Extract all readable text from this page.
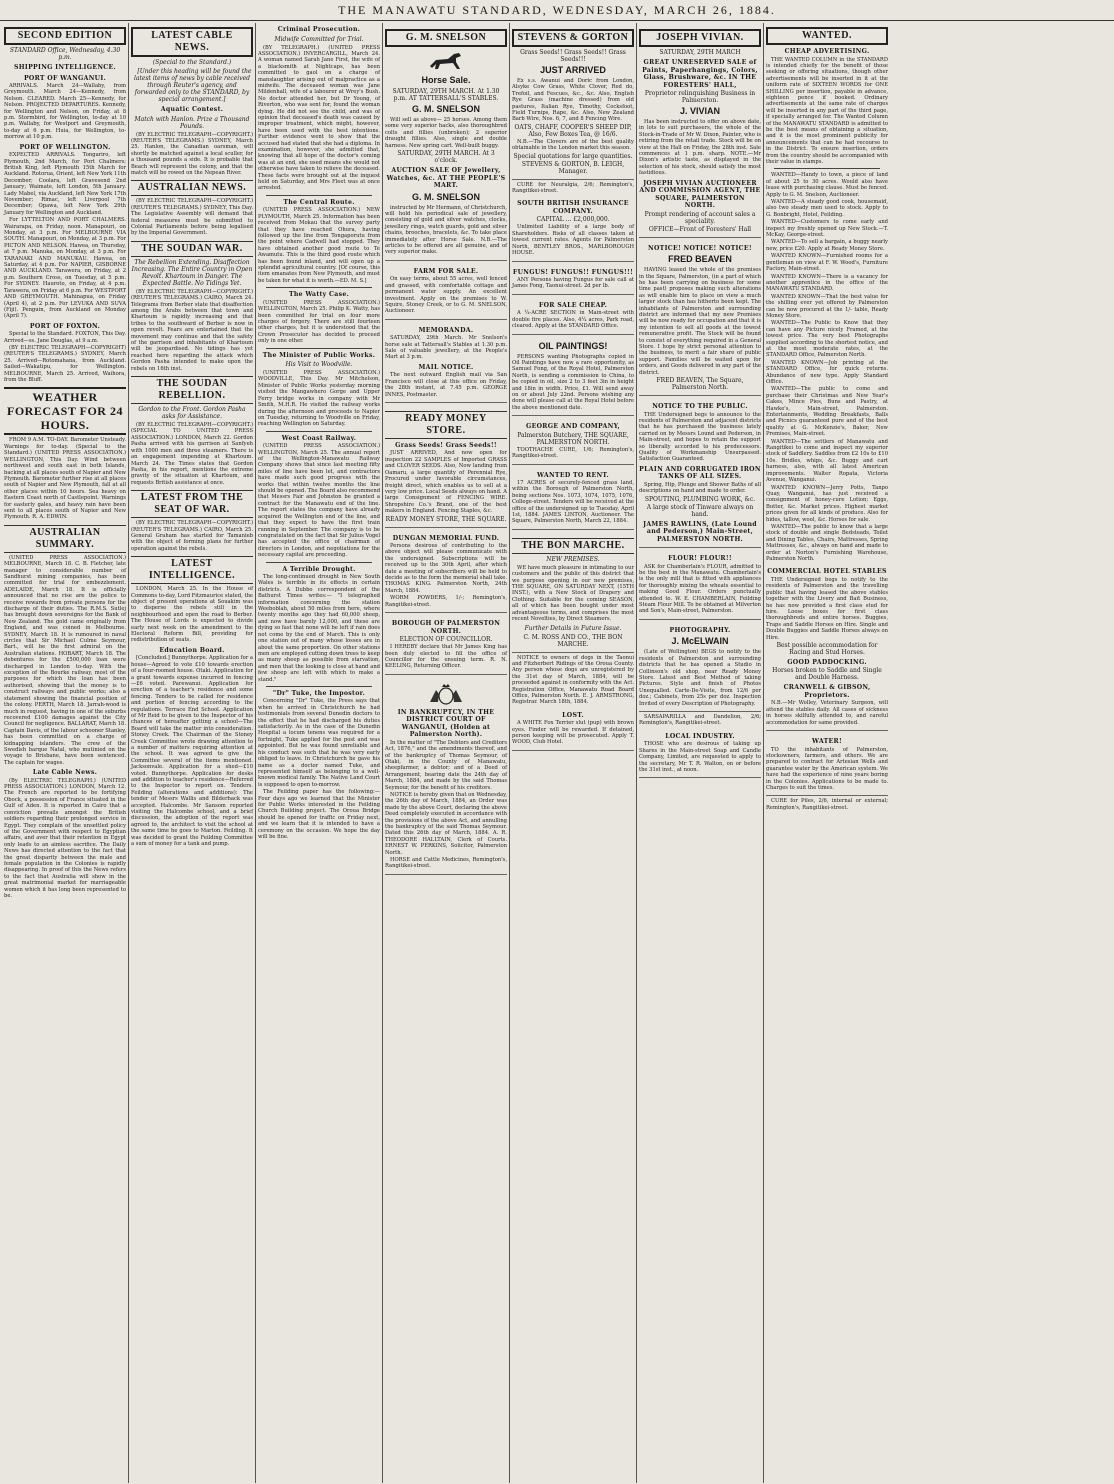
THE MANAWATU STANDARD, WEDNESDAY, MARCH 26, 1884.
SECOND EDITION
STANDARD Office, Wednesday, 4.30 p.m.
SHIPPING INTELLIGENCE.
PORT OF WANGANUI.

ARRIVALS. March 24—Wallaby, from Greymouth. March 24—Kennedy, from Nelson. CLEARED. March 25—Kennedy, for Nelson. PROJECTED DEPARTURES. Kennedy, for Wellington and Nelson, on Friday, at 8 p.m. Stormbird, for Wellington, to-day at 10 p.m. Wallaby, for Westport and Greymouth, to-day at 6 p.m. Huia, for Wellington, to-morrow at 10 p.m.

PORT OF WELLINGTON.

EXPECTED ARRIVALS. Tongariro, left Plymouth, 2nd March, for Port Chalmers; British King, left Plymouth 15th March for Auckland. Rotorua, Orient, left New York 11th December; Coolara, left Gravesend 2nd January; Waimate, left London, 5th January. Lady Mabel, via Auckland, left New York 17th November; Rimac, left Liverpool 7th December; Opawa, left New York 29th January for Wellington and Auckland.

For LYTTELTON AND PORT CHALMERS. Wairarapa, on Friday, noon. Manapouri, on Monday, at 3 p.m. For MELBOURNE VIA SOUTH. Manapouri, on Monday, at 3 p.m. For PICTON AND NELSON. Hawea, on Thursday, at 7 p.m. Manuka, on Monday, at 3 p.m. For TARANAKI AND MANUKAU. Hawea, on Saturday, at 4 p.m. For NAPIER, GISBORNE AND AUCKLAND. Tarawera, on Friday, at 2 p.m. Southern Cross, on Tuesday, at 5 p.m. For SYDNEY. Hauroto, on Friday, at 4 p.m. Tarawera, on Friday at 6 p.m. For WESTPORT AND GREYMOUTH. Mahinapua, on Friday (April 4), at 2 p.m. For LEVUKA AND SUVA (Fiji). Penguin, from Auckland on Monday (April 7).

PORT OF FOXTON.

Special to the Standard. FOXTON, This Day. Arrived—ss. Jane Douglas, at 9 a.m.

(BY ELECTRIC TELEGRAPH—COPYRIGHT) (REUTER'S TELEGRAMS.) SYDNEY, March 25. Arrived—Rotomahana, from Auckland. Sailed—Wakatipu, for Wellington. MELBOURNE, March 25. Arrived, Waihora, from the Bluff.

WEATHER FORECAST FOR 24 HOURS.

FROM 9 A.M. TO-DAY. Barometer Unsteady. Warnings for to-day. (Special to the Standard.) (UNITED PRESS ASSOCIATION.) WELLINGTON, This Day. Wind between northwest and south east in both Islands, backing at all places south of Napier and New Plymouth. Barometer further rise at all places south of Napier and New Plymouth, fall at all other places within 10 hours. Sea heavy on Eastern Coast north of Castlepoint. Warnings for easterly gales, and heavy rain have been sent to all places south of Napier and New Plymouth. R. A. EDWIN.

AUSTRALIAN SUMMARY.

(UNITED PRESS ASSOCIATION.) MELBOURNE, March 18. C. B. Fletcher, late manager to considerable number of Sandhurst mining companies, has been committed for trial for embezzlement. ADELAIDE, March 18. It is officially announced that no rise are the police to receive rewards from private persons for the discharge of their duties. The R.M.S. Sutlej has brought down sovereigns for the Bank of New Zealand. The gold came originally from England, and was coined in Melbourne. SYDNEY, March 18. It is rumoured in naval circles that Sir Michael Culme Seymour, Bart., will be the first admiral on the Australian stations. HOBART, March 18. The debentures for the £500,000 loan were discharged in London to-day. With the exception of the Bourke railway, most of the purposes for which the loan has been authorised, showing that the money is to construct railways and public works; also a statement showing the financial position of the colony. PERTH, March 18. Jarrah-wood is much in request, having in one of the suburbs recovered £100 damages against the City Council for negligence. BALLARAT, March 18. Captain Davis, of the labour schooner Stanley, has been committed on a charge of kidnapping islanders. The crew of the Swedish barque Natal, who mutinied on the voyage to Brisbane, have been sentenced. The captain for wages.

Late Cable News.

(By ELECTRIC TELEGRAPH.) (UNITED PRESS ASSOCIATION.) LONDON, March 12. The French are reported to be fortifying Obock, a possession of France situated in the Gulf of Aden. It is reported in Cairo that a conviction prevails amongst the British soldiers regarding their prolonged service in Egypt. They complain of the unsettled policy of the Government with respect to Egyptian affairs, and aver that their retention in Egypt only leads to an aimless sacrifice. The Daily News has directed attention to the fact that the great disparity between the male and female population in the Colonies is rapidly disappearing. In proof of this the News refers to the fact that Australia will show in the great matrimonial market for marriageable women which it has long been represented to be.

LATEST CABLE NEWS.
(Special to the Standard.)

[Under this heading will be found the latest items of news by cable received through Reuter's agency, and forwarded only to the STANDARD, by special arrangement.]

Aquatic Contest.
Match with Hanlon. Prize a Thousand Pounds.

(BY ELECTRIC TELEGRAPH—COPYRIGHT.) (REUTER'S TELEGRAMS.) SYDNEY, March 25. Hanlon, the Canadian oarsman, will shortly be matched against a local sculler, for a thousand pounds a side. It is probable that Beach will represent the colony, and that the match will be rowed on the Nepean River.

AUSTRALIAN NEWS.

(BY ELECTRIC TELEGRAPH—COPYRIGHT.) (REUTER'S TELEGRAMS.) SYDNEY, This Day. The Legislative Assembly will demand that federal measures must be submitted to Colonial Parliaments before being legalised by the Imperial Government.

THE SOUDAN WAR.
The Rebellion Extending. Disaffection Increasing. The Entire Country in Open Revolt. Khartoum in Danger. The Expected Battle. No Tidings Yet.

(BY ELECTRIC TELEGRAPH—COPYRIGHT.) (REUTER'S TELEGRAMS.) CAIRO, March 24. Telegrams from Berber state that disaffection among the Arabs between that town and Khartoum is rapidly increasing and that tribes to the southward of Berber is now in open revolt. Fears are entertained that the movement may continue and that the safety of the garrison and inhabitants of Khartoum will be jeopardised. No tidings has yet reached here regarding the attack which Gordon Pasha intended to make upon the rebels on 16th inst.

THE SOUDAN REBELLION.
Gordon to the Front. Gordon Pasha asks for Assistance.

(BY ELECTRIC TELEGRAPH—COPYRIGHT.) (SPECIAL TO UNITED PRESS ASSOCIATION.) LONDON, March 22. Gordon Pasha arrived with his garrison at Sanfyeh with 1000 men and three steamers. There is an engagement impending at Khartoum. March 24. The Times states that Gordon Pasha, in his report, mentions the extreme gravity of the situation at Khartoum, and requests British assistance at once.

LATEST FROM THE SEAT OF WAR.

(BY ELECTRIC TELEGRAPH—COPYRIGHT.) (REUTER'S TELEGRAMS.) CAIRO, March 25. General Graham has started for Tamanieb with the object of forming plans for further operation against the rebels.

LATEST INTELLIGENCE.

LONDON, March 25. In the House of Commons to-day, Lord Fitzmaurice stated, the object of present operations at Souakim was to disperse the rebels still in the neighbourhood and open the road to Berber. The House of Lords is expected to divide early next week on the amendment to the Electoral Reform Bill, providing for redistribution of seats.

Education Board.

[Concluded.] Bunnythorpe. Application for a house—Agreed to vote £10 towards erection of a four-roomed house. Otaki. Application for a grant towards expense incurred in fencing—£6 voted. Parewanui. Application for erection of a teacher's residence and some fencing. Tenders to be called for residence and portion of fencing according to the regulations. Terrace End School. Application of Mr Reid to be given to the Inspector of his chances of hereafter getting a school—The Board will take the matter into consideration. Stoney Creek. The Chairman of the Stoney Creek Committee wrote drawing attention to a number of matters requiring attention at the school. It was agreed to give the Committee several of the items mentioned. Jacksonvale. Application for a shed—£10 voted. Bunnythorpe. Application for desks and addition to teacher's residence—Referred to the Inspector to report on. Tenders. Feilding (alterations and additions): The tender of Messrs Wallis and Bilderback was accepted. Halcombe. Mr Sansom reported visiting the Halcombe school, and a brief discussion, the adoption of the report was agreed to, the architect to visit the school at the same time he goes to Marton. Feilding. It was decided to grant the Feilding Committee a sum of money for a tank and pump.

Criminal Prosecution.
Midwife Committed for Trial.

(BY TELEGRAPH.) (UNITED PRESS ASSOCIATION.) INVERCARGILL, March 24. A woman named Sarah Jane First, the wife of a blacksmith at Nightcaps, has been committed to gaol on a charge of manslaughter arising out of malpractice as a midwife. The deceased woman was Jane Mildenhall, wife of a labourer at Wrey's Bush. No doctor attended her, but Dr Young, of Riverton, who was sent for, found the woman dying. He did not see the child, and was of opinion that deceased's death was caused by improper treatment, which might, however, have been used with the best intentions. Further evidence went to show that the accused had stated that she had a diploma. In examination, however, she admitted that, knowing that all hope of the doctor's coming was at an end, she used means she would not otherwise have taken to relieve the deceased. These facts were brought out at the inquest held on Saturday, and Mrs Fleet was at once arrested.

The Central Route.

(UNITED PRESS ASSOCIATION.) NEW PLYMOUTH, March 25. Information has been received from Mokau that the survey party that they have reached Ohura, having followed up the line from Tongaporutu from the point where Cadwell had stopped. They have obtained another good route to Te Awamutu. This is the third good route which has been found inland, and will open up a splendid agricultural country. [Of course, this item emanates from New Plymouth, and must be taken for what it is worth.—ED. M. S.]

The Watty Case.

(UNITED PRESS ASSOCIATION.) WELLINGTON, March 25. Philip K. Watty, has been committed for trial on four more charges of forgery. There are still fourteen other charges, but it is understood that the Crown Prosecutor has decided to proceed only in one other.

The Minister of Public Works.
His Visit to Woodville.

(UNITED PRESS ASSOCIATION.) WOODVILLE, This Day. Mr Mitchelson, Minister of Public Works yesterday morning visited the Mangawhero Gorge and Upper Ferry bridge works in company with Mr Smith, M.H.R. He visited the railway works during the afternoon and proceeds to Napier on Tuesday, returning to Woodville on Friday, reaching Wellington on Saturday.

West Coast Railway.

(UNITED PRESS ASSOCIATION.) WELLINGTON, March 25. The annual report of the Wellington-Manawatu Railway Company shows that since last meeting fifty miles of line have been let, and contractors have made such good progress with the works that within twelve months the line should be opened. The Board also recommend that Messrs Fair and Johnston be granted a contract for the Manawatu end of the line. The report states the company have already acquired the Wellington end of the line, and that they expect to have the first train running in September. The company is to be congratulated on the fact that Sir Julius Vogel has accepted the office of chairman of directors in London, and negotiations for the necessary capital are proceeding.

A Terrible Drought.

The long-continued drought in New South Wales is terrible in its effects in certain districts. A Dubbo correspondent of the Bathurst Times writes:— "I telegraphed information concerning the station Weeboblah, about 50 miles from here, where twenty months ago they had 60,000 sheep, and now have barely 12,000, and these are dying so fast that none will be left if rain does not come by the end of March. This is only one station out of many whose losses are in about the same proportion. On other stations men are employed cutting down trees to keep as many sheep as possible from starvation, and men that the looking is close at hand and few sheep are left with which to make a stand."

"Dr" Tuke, the Impostor.

Concerning "Dr" Tuke, the Press says that when he arrived in Christchurch he had testimonials from several Dunedin doctors to the effect that he had discharged his duties satisfactorily. As in the case of the Dunedin Hospital a locum tenens was required for a fortnight, Tuke applied for the post and was appointed. But he was found unreliable and his conduct was such that he was very early obliged to leave. In Christchurch he gave his name as a doctor named Tuke, and represented himself as belonging to a well-known medical family. The Native Land Court is supposed to open to-morrow.

The Feilding paper has the following:— Four days ago we learned that the Minister for Public Works interested in the Feilding Church Building project. The Oroua Bridge should be opened for traffic on Friday next, and we learn that it is intended to have a ceremony on the occasion. We hope the day will be fine.

G. M. SNELSON
Horse Sale.
SATURDAY, 29TH MARCH. At 1.30 p.m. AT TATTERSALL'S STABLES.
G. M. SNELSON

Will sell as above— 25 horses. Among them some very superior hacks, also thoroughbred colts and fillies (unbroken); 2 superior draught fillies. Also, single and double harness. New spring cart. Well-built buggy.

SATURDAY, 29TH MARCH. At 3 o'clock.
AUCTION SALE OF Jewellery, Watches, &c. AT THE PEOPLE'S MART.
G. M. SNELSON

instructed by Mr Hermann, of Christchurch, will hold his periodical sale of jewellery, consisting of gold and silver watches, clocks, jewellery rings, watch guards, gold and silver chains, brooches, bracelets, &c. To take place immediately after Horse Sale. N.B.—The articles to be offered are all genuine, and of very superior make.

FARM FOR SALE.

On easy terms, about 55 acres, well fenced and grassed, with comfortable cottage and permanent water supply. An excellent investment. Apply on the premises to W. Squire, Stoney Creek, or to G. M. SNELSON, Auctioneer.

MEMORANDA.

SATURDAY, 29th March. Mr Snelson's horse sale at Tattersall's Stables at 1.30 p.m. Sale of valuable jewellery, at the People's Mart at 3 p.m.

MAIL NOTICE.

The next outward English mail via San Francisco will close at this office on Friday, the 28th instant, at 7.45 p.m. GEORGE INNES, Postmaster.

READY MONEY STORE.
Grass Seeds! Grass Seeds!!

JUST ARRIVED, And now open for inspection 22 SAMPLES of Imported GRASS and CLOVER SEEDS. Also, Now landing from Oamaru, a large quantity of Perennial Rye, Procured under favorable circumstances, freight direct, which enables us to sell at a very low price. Local Seeds always on hand. A large Consignment of FENCING WIRE. Shropshire Co.'s Brand, one of the best makers in England. Fencing Staples, &c.

READY MONEY STORE, THE SQUARE.
DUNGAN MEMORIAL FUND.

Persons desirous of contributing to the above object will please communicate with the undersigned. Subscriptions will be received up to the 30th April, after which date a meeting of subscribers will be held to decide as to the form the memorial shall take. THOMAS KING. Palmerston North, 24th March, 1884.

WORM POWDERS, 1/-; Remington's, Rangitikei-street.

BOROUGH OF PALMERSTON NORTH.
ELECTION OF COUNCILLOR.

I HEREBY declare that Mr James King has been duly elected to fill the office of Councillor for the ensuing term. R. N. KEELING, Returning Officer.

IN BANKRUPTCY, IN THE DISTRICT COURT OF WANGANUI, (Holden at Palmerston North).

In the matter of "The Debtors and Creditors Act, 1876," and the amendments thereof, and of the bankruptcy of Thomas Seymour, of Otaki, in the County of Manawatu, sheepfarmer, a debtor; and of a Deed of Arrangement, bearing date the 24th day of March, 1884, and made by the said Thomas Seymour, for the benefit of his creditors.

NOTICE is hereby given that on Wednesday, the 26th day of March, 1884, an Order was made by the above Court, declaring the above Deed completely executed in accordance with the provisions of the above Act, and annulling the bankruptcy of the said Thomas Seymour. Dated this 26th day of March, 1884. A. R. THEODORE HALLTAIN, Clerk of Courts. ERNEST W. PERKINS, Solicitor, Palmerston North.

HORSE and Cattle Medicines, Remington's, Rangitikei-street.

STEVENS & GORTON
Grass Seeds!! Grass Seeds!! Grass Seeds!!!
JUST ARRIVED

Ex s.s. Awanui and Doric from London, Alsyke Cow Grass, White Clover, Red do, Trefoil, and Fescues, &c., &c. Also, English Rye Grass (machine dressed) from old pastures, Italian Rye, Timothy, Cocksfoot, Field Turnips, Rape, &c. Also, New Zealand Barb Wire, Nos. 6, 7, and 8 Fencing Wire.

OATS, CHAFF, COOPER'S SHEEP DIP, Also, Few Boxes Tea, @ 16/6.

N.B.—The Clovers are of the best quality obtainable in the London market this season.

Special quotations for large quantities.
STEVENS & GORTON, B. LEIGH, Manager.

CURE for Neuralgia, 2/6; Remington's, Rangitikei-street.

SOUTH BRITISH INSURANCE COMPANY.
CAPITAL ... £2,000,000.

Unlimited Liability of a large body of Shareholders. Risks of all classes taken at lowest current rates. Agents for Palmerston North, BENTLEY BROS., MARLBOROUGH HOUSE.

FUNGUS! FUNGUS!! FUNGUS!!!

ANY Persons having Fungus for sale call at James Fong, Taonui-street. 2d per lb.

FOR SALE CHEAP.

A ¼-ACRE SECTION in Main-street with double fire places. Also, 4¼ acres, Park road, cleared. Apply at the STANDARD Office.

OIL PAINTINGS!

PERSONS wanting Photographs copied in Oil Paintings have now a rare opportunity, as Samuel Fong, of the Royal Hotel, Palmerston North, is sending a commission to China, to be copied in oil, size 2 to 3 feet 3in in height and 18in in width. Price, £1. Will send away on or about July 22nd. Persons wishing any done will please call at the Royal Hotel before the above mentioned date.

GEORGE AND COMPANY,
Palmerston Butchery, THE SQUARE, PALMERSTON NORTH.

TOOTHACHE CURE, 1/6; Remington's, Rangitikei-street.

WANTED TO RENT.

17 ACRES of securely-fenced grass land, within the Borough of Palmerston North, being sections Nos. 1073, 1074, 1075, 1076, College-street. Tenders will be received at the office of the undersigned up to Tuesday, April 1st, 1884. JAMES LINTON, Auctioneer. The Square, Palmerston North, March 22, 1884.

THE BON MARCHE.
NEW PREMISES.

WE have much pleasure in intimating to our customers and the public of this district that we purpose opening in our new premises, THE SQUARE, ON SATURDAY NEXT, (15TH INST.), with a New Stock of Drapery and Clothing. Suitable for the coming SEASON, all of which has been bought under most advantageous terms, and comprises the most recent Novelties, by Direct Steamers.

Further Details in Future Issue.
C. M. ROSS AND CO., THE BON MARCHE.

NOTICE to owners of dogs in the Taonui and Fitzherbert Ridings of the Oroua County. Any person whose dogs are unregistered by the 31st day of March, 1884, will be proceeded against in conformity with the Act. Registration Office, Manawatu Road Board Office, Palmerston North. E. J. ARMSTRONG, Registrar. March 18th, 1884.

LOST.

A WHITE Fox Terrier slut (pup) with brown eyes. Finder will be rewarded. If detained, person keeping will be prosecuted. Apply T. WOOD, Club Hotel.

JOSEPH VIVIAN.
SATURDAY, 29TH MARCH
GREAT UNRESERVED SALE of Paints, Paperhangings, Colors, Glass, Brushware, &c. IN THE FORESTERS' HALL,
Proprietor relinquishing Business in Palmerston.
J. VIVIAN

Has been instructed to offer on above date, in lots to suit purchasers, the whole of the Stock-in-Trade of Mr W. Dixon, Painter, who is retiring from the retail trade. Stock will be on view at the Hall on Friday, the 28th inst. Sale commences at 1 p.m. sharp. NOTE.—Mr Dixon's artistic taste, as displayed in the selection of his stock, should satisfy the most fastidious.

JOSEPH VIVIAN AUCTIONEER AND COMMISSION AGENT, THE SQUARE, PALMERSTON NORTH.
Prompt rendering of account sales a speciality.
OFFICE—Front of Foresters' Hall
NOTICE! NOTICE! NOTICE!
FRED BEAVEN

HAVING leased the whole of the premises in the Square, Palmerston, (in a part of which he has been carrying on business for some time past) proposes making such alterations as will enable him to place on view a much larger stock than has hitherto been kept. The inhabitants of Palmerston and surrounding district are informed that my new Premises will be now ready for occupation and that it is my intention to sell all goods at the lowest remunerative profit. The Stock will be found to consist of everything required in a General Store. I hope by strict personal attention to the business, to merit a fair share of public support. Families will be waited upon for orders, and Goods delivered in any part of the district.

FRED BEAVEN, The Square, Palmerston North.
NOTICE TO THE PUBLIC.

THE Undersigned begs to announce to the residents of Palmerston and adjacent districts that he has purchased the business lately carried on by Messrs Lound and Pederson, in Main-street, and hopes to retain the support so liberally accorded to his predecessors. Quality of Workmanship Unsurpassed. Satisfaction Guaranteed.

PLAIN AND CORRUGATED IRON TANKS OF ALL SIZES.

Spring, Hip, Plunge and Shower Baths of all descriptions on hand and made to order.

SPOUTING, PLUMBING WORK, &c.
A large stock of Tinware always on hand.
JAMES RAWLINS, (Late Lound and Pederson,) Main-Street, PALMERSTON NORTH.
FLOUR! FLOUR!!

ASK for Chamberlain's FLOUR, admitted to be the best in the Manawatu. Chamberlain's is the only mill that is fitted with appliances for thoroughly mixing the wheats essential to making Good Flour. Orders punctually attended to. W. E. CHAMBERLAIN, Feilding Steam Flour Mill. To be obtained at Milverton and Son's, Main-street, Palmerston.

PHOTOGRAPHY.
J. McELWAIN

(Late of Wellington) BEGS to notify to the residents of Palmerston and surrounding districts that he has opened a Studio in Collinson's old shop, near Ready Money Store. Latest and Best Method of taking Pictures. Style and finish of Photos Unequalled. Carte-De-Visite, from 12/6 per doz.; Cabinets, from 25s per doz. Inspection Invited of every Description of Photography.

SARSAPARILLA and Dandelion, 2/6; Remington's, Rangitikei-street.

LOCAL INDUSTRY.

THOSE who are desirous of taking up Shares in the Main-street Soap and Candle Company, Limited, are requested to apply to the secretary, Mr T. R. Walton, on or before the 31st inst., at noon.

WANTED.
CHEAP ADVERTISING.

THE WANTED COLUMN in the STANDARD is intended chiefly for the benefit of those seeking or offering situations, though other advertisements will be inserted in it at the uniform rate of SIXTEEN WORDS for ONE SHILLING per insertion, payable in advance, eighteen pence if booked. Ordinary advertisements at the same rate of charges will be inserted in any part of the third page, if specially arranged for. The Wanted Column of the MANAWATU STANDARD is admitted to be the best means of obtaining a situation, and it is the most prominent publicity for announcements that can be had recourse to in the District. To ensure insertion, orders from the country should be accompanied with their value in stamps.

WANTED—Handy to town, a piece of land of about 25 to 30 acres. Would also have lease with purchasing clause. Must be fenced. Apply to G. M. Snelson, Auctioneer.

WANTED—A steady good cook, housemaid, also two steady men used to stock. Apply to G. Bonbright, Hotel, Feilding.

WANTED—Customers to come early and inspect my freshly opened up New Stock.—T. McKay, George-street.

WANTED—To sell a bargain, a buggy nearly new, price £20. Apply at Ready Money Store.

WANTED KNOWN—Furnished rooms for a gentleman on view at F. W. Wood's, Furniture Factory, Main-street.

WANTED KNOWN—There is a vacancy for another apprentice in the office of the MANAWATU STANDARD.

WANTED KNOWN—That the best value for the shilling ever yet offered by Palmerston can be now procured at the 1/- table, Ready Money Store.

WANTED—The Public to Know that they can have any Picture nicely Framed, at the lowest price. The very best Photographs supplied according to the shortest notice, and at the most moderate rates, at the STANDARD Office, Palmerston North.

WANTED KNOWN—Job printing at the STANDARD Office, for quick returns. Abundance of new type. Apply Standard Office.

WANTED—The public to come and purchase their Christmas and New Year's Cakes, Mince Pies, Buns and Pastry, at Hawke's, Main-street, Palmerston. Entertainments, Wedding Breakfasts, Balls and Picnics guaranteed pure and of the best quality at G. McKenzie's, Baker, New Premises, Main-street.

WANTED—The settlers of Manawatu and Rangitikei to come and inspect my superior stock of Saddlery. Saddles from £2 10s to £10 10s. Bridles, whips, &c. Buggy and cart harness, also, with all latest American improvements. Walter Ropata, Victoria Avenue, Wanganui.

WANTED KNOWN—Jerry Potts, Tanpo Quay, Wanganui, has just received a consignment of honey-cure Lotion; Eggs, Butter, &c. Market prices. Highest market prices given for all kinds of produce. Also for hides, tallow, wool, &c. Horses for sale.

WANTED—The public to know that a large stock of double and single Bedsteads, Toilet and Dining Tables, Chairs, Mattresses, Spring Mattresses, &c., always on hand and made to order at Norton's Furnishing Warehouse, Palmerston North.

COMMERCIAL HOTEL STABLES

THE Undersigned begs to notify to the residents of Palmerston and the travelling public that having leased the above stables together with the Livery and Bait Business, he has now provided a first class stud for hire. Loose boxes for first class thoroughbreds and entire horses. Buggies, Traps and Saddle Horses on Hire. Single and Double Buggies and Saddle Horses always on Hire.

Best possible accommodation for Racing and Stud Horses.
GOOD PADDOCKING.
Horses broken to Saddle and Single and Double Harness.
CRANWELL & GIBSON, Proprietors.

N.B.—Mr Wolley, Veterinary Surgeon, will attend the stables daily. All cases of sickness in horses skilfully attended to, and careful accommodation for same provided.

WATER!

TO the inhabitants of Palmerston, stockowners, farmers, and others. We are prepared to contract for Artesian Wells and guarantee water by the American system. We have had the experience of nine years boring in the Colonies. Applications to be made to. Charges to suit the times.

CURE for Piles, 2/6, internal or external; Remington's, Rangitikei-street.
